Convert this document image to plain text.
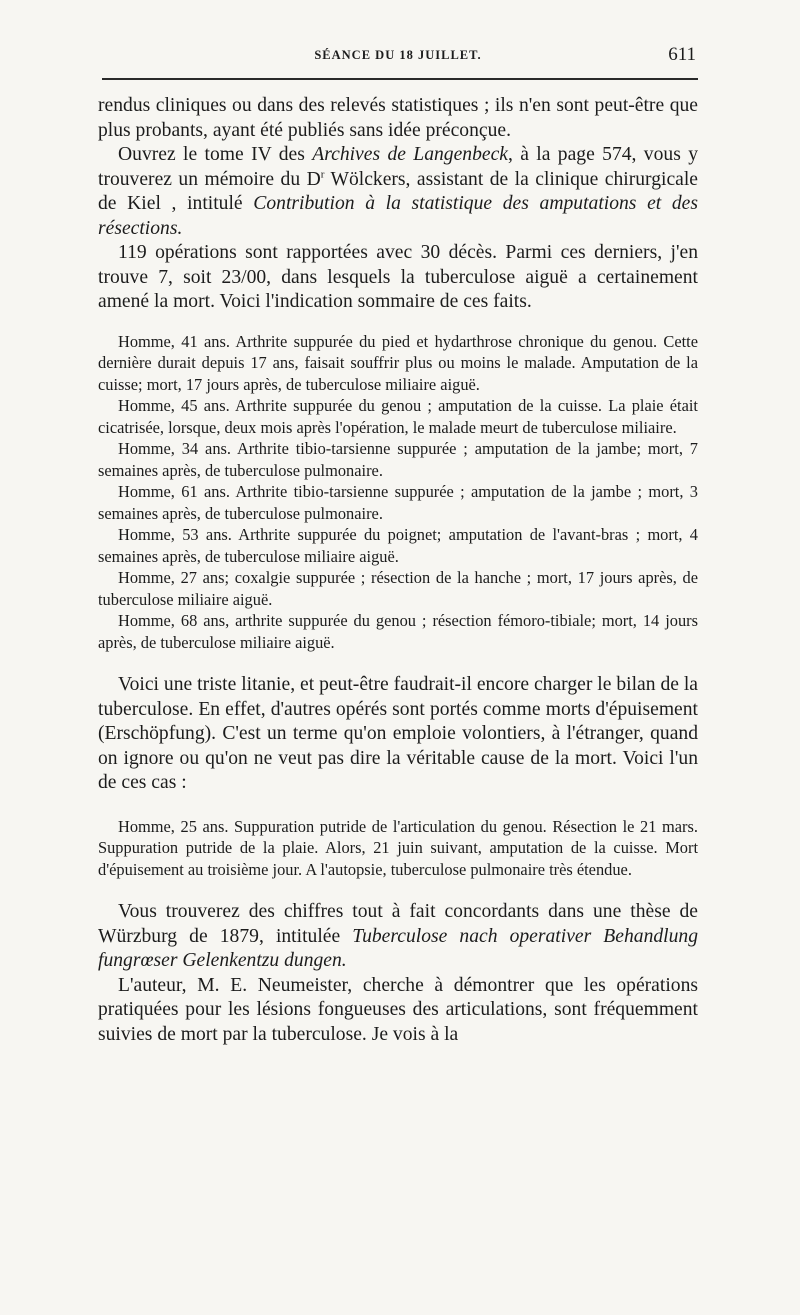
SÉANCE DU 18 JUILLET.	611

rendus cliniques ou dans des relevés statistiques ; ils n'en sont peut-être que plus probants, ayant été publiés sans idée préconçue.

Ouvrez le tome IV des Archives de Langenbeck, à la page 574, vous y trouverez un mémoire du $D^r$ Wölckers, assistant de la clinique chirurgicale de Kiel , intitulé Contribution à la statistique des amputations et des résections.

119 opérations sont rapportées avec 30 décès. Parmi ces derniers, j'en trouve 7, soit 23/00, dans lesquels la tuberculose aiguë a certainement amené la mort. Voici l'indication sommaire de ces faits.

Homme, 41 ans. Arthrite suppurée du pied et hydarthrose chronique du genou. Cette dernière durait depuis 17 ans, faisait souffrir plus ou moins le malade. Amputation de la cuisse; mort, 17 jours après, de tuberculose miliaire aiguë.

Homme, 45 ans. Arthrite suppurée du genou ; amputation de la cuisse. La plaie était cicatrisée, lorsque, deux mois après l'opération, le malade meurt de tuberculose miliaire.

Homme, 34 ans. Arthrite tibio-tarsienne suppurée ; amputation de la jambe; mort, 7 semaines après, de tuberculose pulmonaire.

Homme, 61 ans. Arthrite tibio-tarsienne suppurée ; amputation de la jambe ; mort, 3 semaines après, de tuberculose pulmonaire.

Homme, 53 ans. Arthrite suppurée du poignet; amputation de l'avant-bras ; mort, 4 semaines après, de tuberculose miliaire aiguë.

Homme, 27 ans; coxalgie suppurée ; résection de la hanche ; mort, 17 jours après, de tuberculose miliaire aiguë.

Homme, 68 ans, arthrite suppurée du genou ; résection fémoro-tibiale; mort, 14 jours après, de tuberculose miliaire aiguë.

Voici une triste litanie, et peut-être faudrait-il encore charger le bilan de la tuberculose. En effet, d'autres opérés sont portés comme morts d'épuisement (Erschöpfung). C'est un terme qu'on emploie volontiers, à l'étranger, quand on ignore ou qu'on ne veut pas dire la véritable cause de la mort. Voici l'un de ces cas :

Homme, 25 ans. Suppuration putride de l'articulation du genou. Résection le 21 mars. Suppuration putride de la plaie. Alors, 21 juin suivant, amputation de la cuisse. Mort d'épuisement au troisième jour. A l'autopsie, tuberculose pulmonaire très étendue.

Vous trouverez des chiffres tout à fait concordants dans une thèse de Würzburg de 1879, intitulée Tuberculose nach operativer Behandlung fungrœser Gelenkentzu dungen.

L'auteur, M. E. Neumeister, cherche à démontrer que les opérations pratiquées pour les lésions fongueuses des articulations, sont fréquemment suivies de mort par la tuberculose. Je vois à la
